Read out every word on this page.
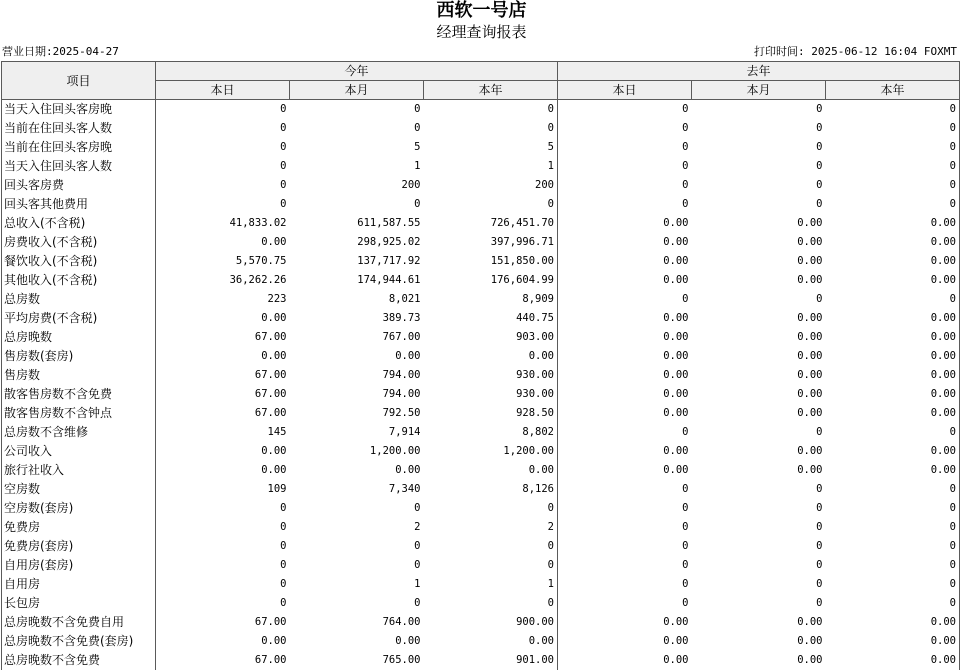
西软一号店
经理查询报表
营业日期:2025-04-27	打印时间: 2025-06-12 16:04 FOXMT
项目	今年			去年		
	本日	本月	本年	本日	本月	本年
当天入住回头客房晚	0	0	0	0	0	0
当前在住回头客人数	0	0	0	0	0	0
当前在住回头客房晚	0	5	5	0	0	0
当天入住回头客人数	0	1	1	0	0	0
回头客房费	0	200	200	0	0	0
回头客其他费用	0	0	0	0	0	0
总收入(不含税)	41,833.02	611,587.55	726,451.70	0.00	0.00	0.00
房费收入(不含税)	0.00	298,925.02	397,996.71	0.00	0.00	0.00
餐饮收入(不含税)	5,570.75	137,717.92	151,850.00	0.00	0.00	0.00
其他收入(不含税)	36,262.26	174,944.61	176,604.99	0.00	0.00	0.00
总房数	223	8,021	8,909	0	0	0
平均房费(不含税)	0.00	389.73	440.75	0.00	0.00	0.00
总房晚数	67.00	767.00	903.00	0.00	0.00	0.00
售房数(套房)	0.00	0.00	0.00	0.00	0.00	0.00
售房数	67.00	794.00	930.00	0.00	0.00	0.00
散客售房数不含免费	67.00	794.00	930.00	0.00	0.00	0.00
散客售房数不含钟点	67.00	792.50	928.50	0.00	0.00	0.00
总房数不含维修	145	7,914	8,802	0	0	0
公司收入	0.00	1,200.00	1,200.00	0.00	0.00	0.00
旅行社收入	0.00	0.00	0.00	0.00	0.00	0.00
空房数	109	7,340	8,126	0	0	0
空房数(套房)	0	0	0	0	0	0
免费房	0	2	2	0	0	0
免费房(套房)	0	0	0	0	0	0
自用房(套房)	0	0	0	0	0	0
自用房	0	1	1	0	0	0
长包房	0	0	0	0	0	0
总房晚数不含免费自用	67.00	764.00	900.00	0.00	0.00	0.00
总房晚数不含免费(套房)	0.00	0.00	0.00	0.00	0.00	0.00
总房晚数不含免费	67.00	765.00	901.00	0.00	0.00	0.00
